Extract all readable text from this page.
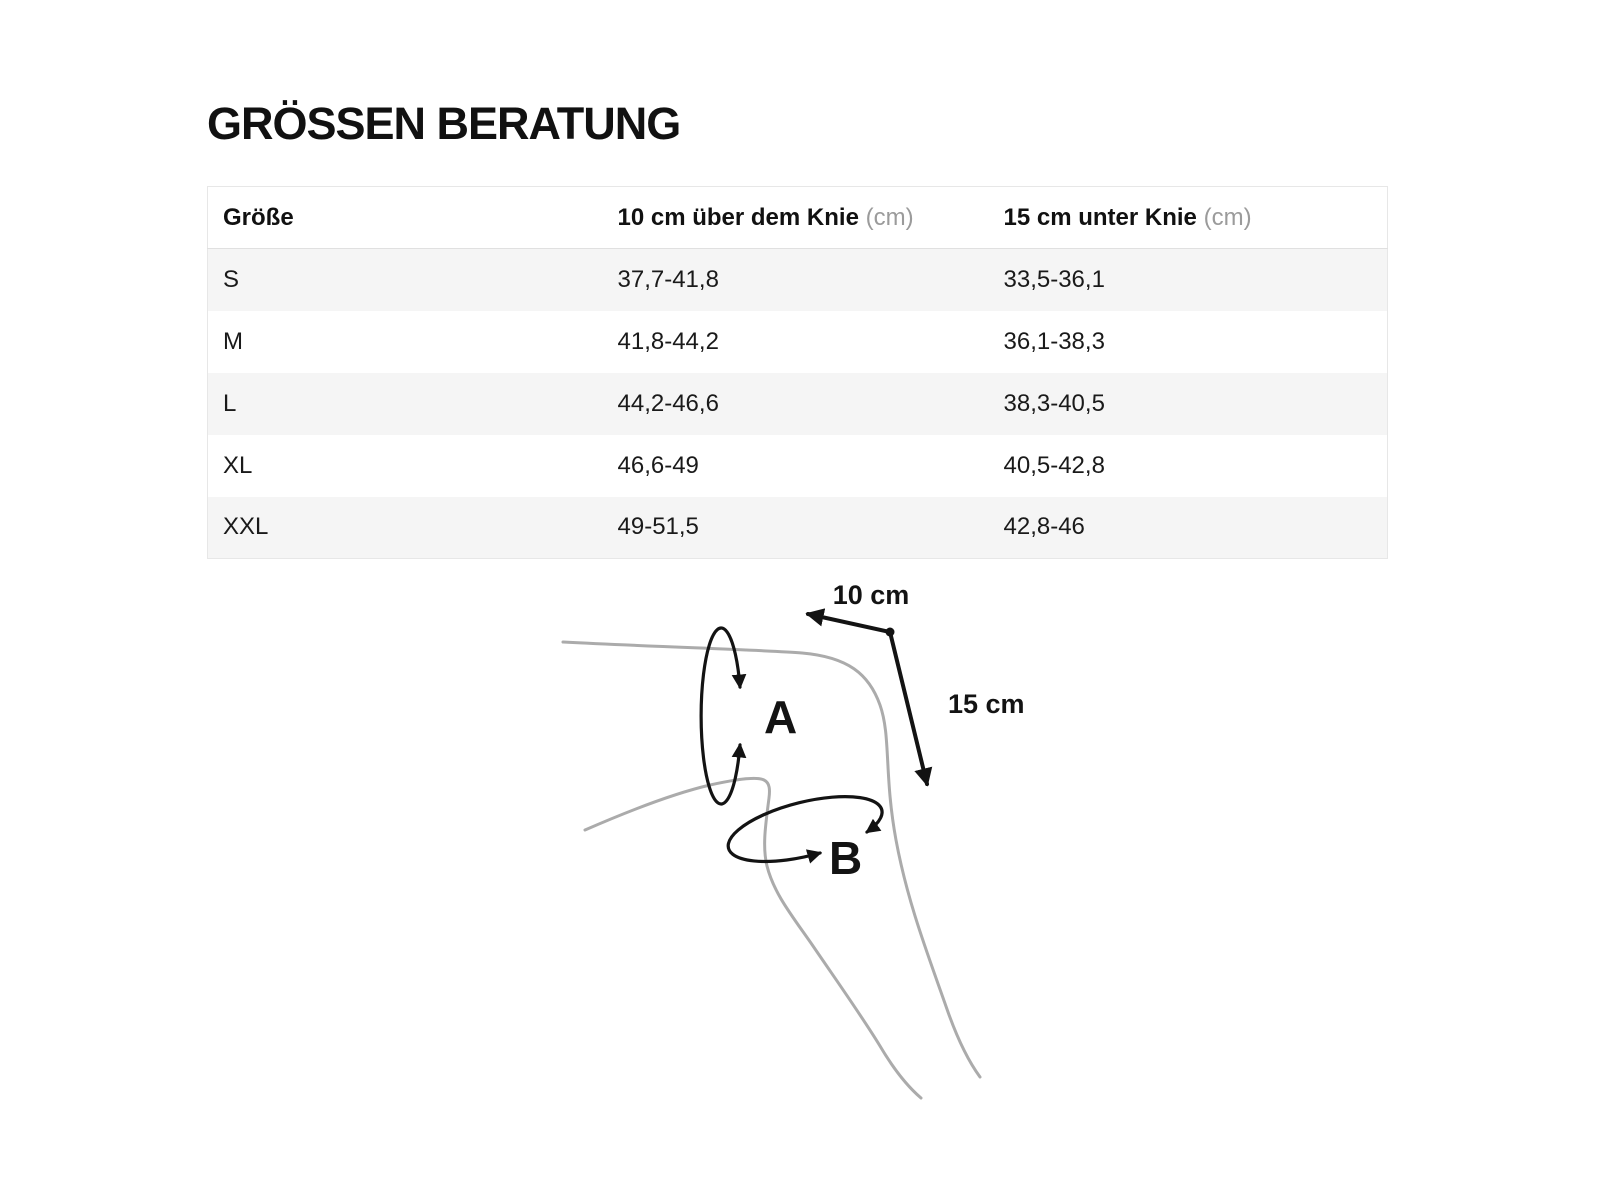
GRÖSSEN BERATUNG
Größe	10 cm über dem Knie (cm)	15 cm unter Knie (cm)
S	37,7-41,8	33,5-36,1
M	41,8-44,2	36,1-38,3
L	44,2-46,6	38,3-40,5
XL	46,6-49	40,5-42,8
XXL	49-51,5	42,8-46
10 cm
15 cm
A
B
